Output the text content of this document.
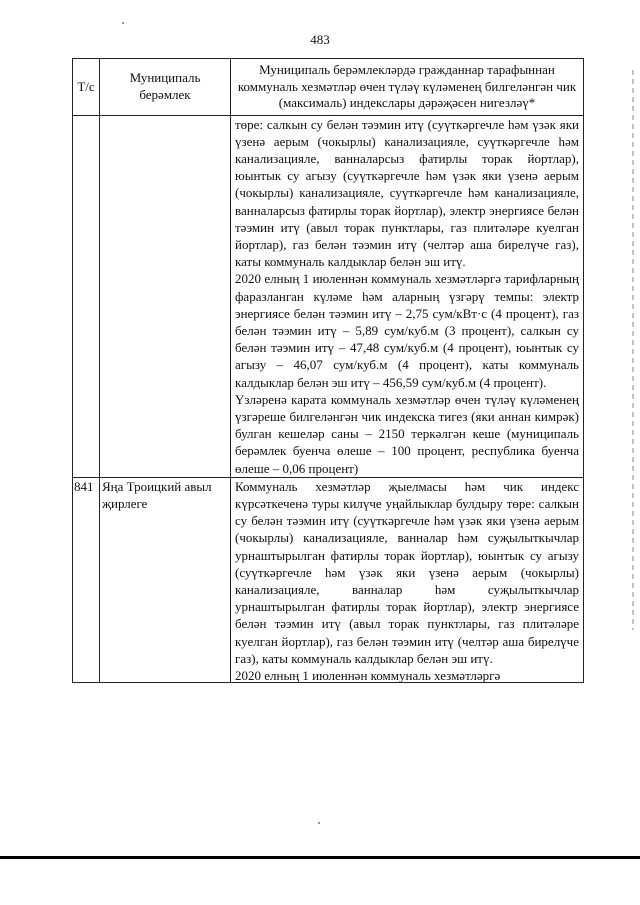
483
Т/с	Муниципаль берәмлек	Муниципаль берәмлекләрдә гражданнар тарафыннан коммуналь хезмәтләр өчен түләү күләменең билгеләнгән чик (максималь) индекслары дәрәҗәсен нигезләү*

		төре: салкын су белән тәэмин итү (суүткәргечле һәм үзәк яки үзенә аерым (чокырлы) канализацияле, суүткәргечле һәм канализацияле, ванналарсыз фатирлы торак йортлар), юынтык су агызу (суүткәргечле һәм үзәк яки үзенә аерым (чокырлы) канализацияле, суүткәргечле һәм канализацияле, ванналарсыз фатирлы торак йортлар), электр энергиясе белән тәэмин итү (авыл торак пунктлары, газ плитәләре куелган йортлар), газ белән тәэмин итү (челтәр аша бирелүче газ), каты коммуналь калдыклар белән эш итү.
2020 елның 1 июленнән коммуналь хезмәтләргә тарифларның фаразланган күләме һәм аларның үзгәрү темпы: электр энергиясе белән тәэмин итү – 2,75 сум/кВт·с (4 процент), газ белән тәэмин итү – 5,89 сум/куб.м (3 процент), салкын су белән тәэмин итү – 47,48 сум/куб.м (4 процент), юынтык су агызу – 46,07 сум/куб.м (4 процент), каты коммуналь калдыклар белән эш итү – 456,59 сум/куб.м (4 процент).
Үзләренә карата коммуналь хезмәтләр өчен түләү күләменең үзгәреше билгеләнгән чик индекска тигез (яки аннан кимрәк) булган кешеләр саны – 2150 теркәлгән кеше (муниципаль берәмлек буенча өлеше – 100 процент, республика буенча өлеше – 0,06 процент)

841	Яңа Троицкий авыл җирлеге	Коммуналь хезмәтләр җыелмасы һәм чик индекс күрсәткеченә туры килүче уңайлыклар булдыру төре: салкын су белән тәэмин итү (суүткәргечле һәм үзәк яки үзенә аерым (чокырлы) канализацияле, ванналар һәм суҗылыткычлар урнаштырылган фатирлы торак йортлар), юынтык су агызу (суүткәргечле һәм үзәк яки үзенә аерым (чокырлы) канализацияле, ванналар һәм суҗылыткычлар урнаштырылган фатирлы торак йортлар), электр энергиясе белән тәэмин итү (авыл торак пунктлары, газ плитәләре куелган йортлар), газ белән тәэмин итү (челтәр аша бирелүче газ), каты коммуналь калдыклар белән эш итү.
2020 елның 1 июленнән коммуналь хезмәтләргә
